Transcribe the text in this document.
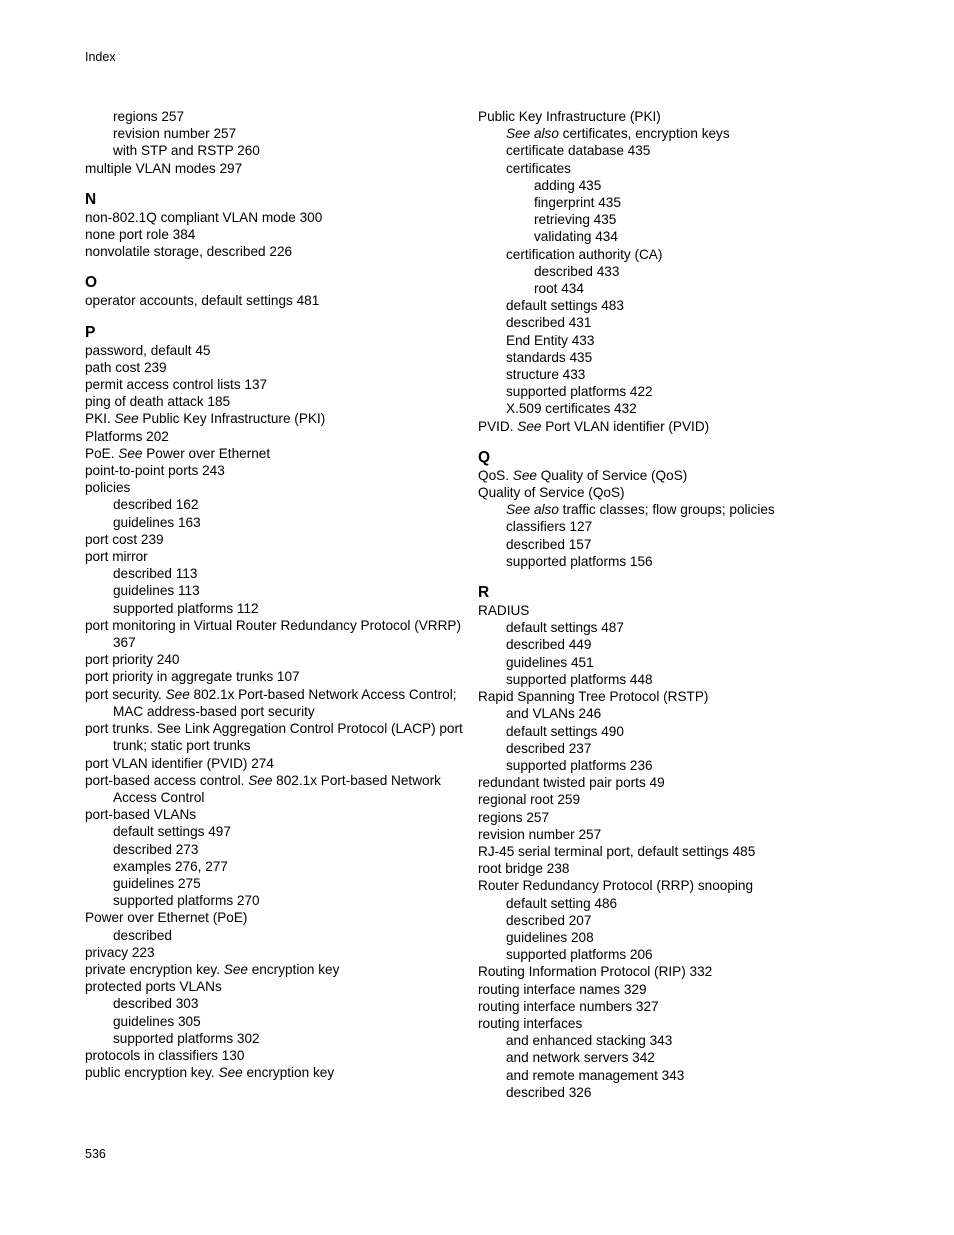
Index
regions 257
revision number 257
with STP and RSTP 260
multiple VLAN modes 297
N
non-802.1Q compliant VLAN mode 300
none port role 384
nonvolatile storage, described 226
O
operator accounts, default settings 481
P
password, default 45
path cost 239
permit access control lists 137
ping of death attack 185
PKI. See Public Key Infrastructure (PKI)
Platforms 202
PoE. See Power over Ethernet
point-to-point ports 243
policies
described 162
guidelines 163
port cost 239
port mirror
described 113
guidelines 113
supported platforms 112
port monitoring in Virtual Router Redundancy Protocol (VRRP) 367
port priority 240
port priority in aggregate trunks 107
port security. See 802.1x Port-based Network Access Control; MAC address-based port security
port trunks. See Link Aggregation Control Protocol (LACP) port trunk; static port trunks
port VLAN identifier (PVID) 274
port-based access control. See 802.1x Port-based Network Access Control
port-based VLANs
default settings 497
described 273
examples 276, 277
guidelines 275
supported platforms 270
Power over Ethernet (PoE)
described
privacy 223
private encryption key. See encryption key
protected ports VLANs
described 303
guidelines 305
supported platforms 302
protocols in classifiers 130
public encryption key. See encryption key
Public Key Infrastructure (PKI)
See also certificates, encryption keys
certificate database 435
certificates
adding 435
fingerprint 435
retrieving 435
validating 434
certification authority (CA)
described 433
root 434
default settings 483
described 431
End Entity 433
standards 435
structure 433
supported platforms 422
X.509 certificates 432
PVID. See Port VLAN identifier (PVID)
Q
QoS. See Quality of Service (QoS)
Quality of Service (QoS)
See also traffic classes; flow groups; policies
classifiers 127
described 157
supported platforms 156
R
RADIUS
default settings 487
described 449
guidelines 451
supported platforms 448
Rapid Spanning Tree Protocol (RSTP)
and VLANs 246
default settings 490
described 237
supported platforms 236
redundant twisted pair ports 49
regional root 259
regions 257
revision number 257
RJ-45 serial terminal port, default settings 485
root bridge 238
Router Redundancy Protocol (RRP) snooping
default setting 486
described 207
guidelines 208
supported platforms 206
Routing Information Protocol (RIP) 332
routing interface names 329
routing interface numbers 327
routing interfaces
and enhanced stacking 343
and network servers 342
and remote management 343
described 326
536
